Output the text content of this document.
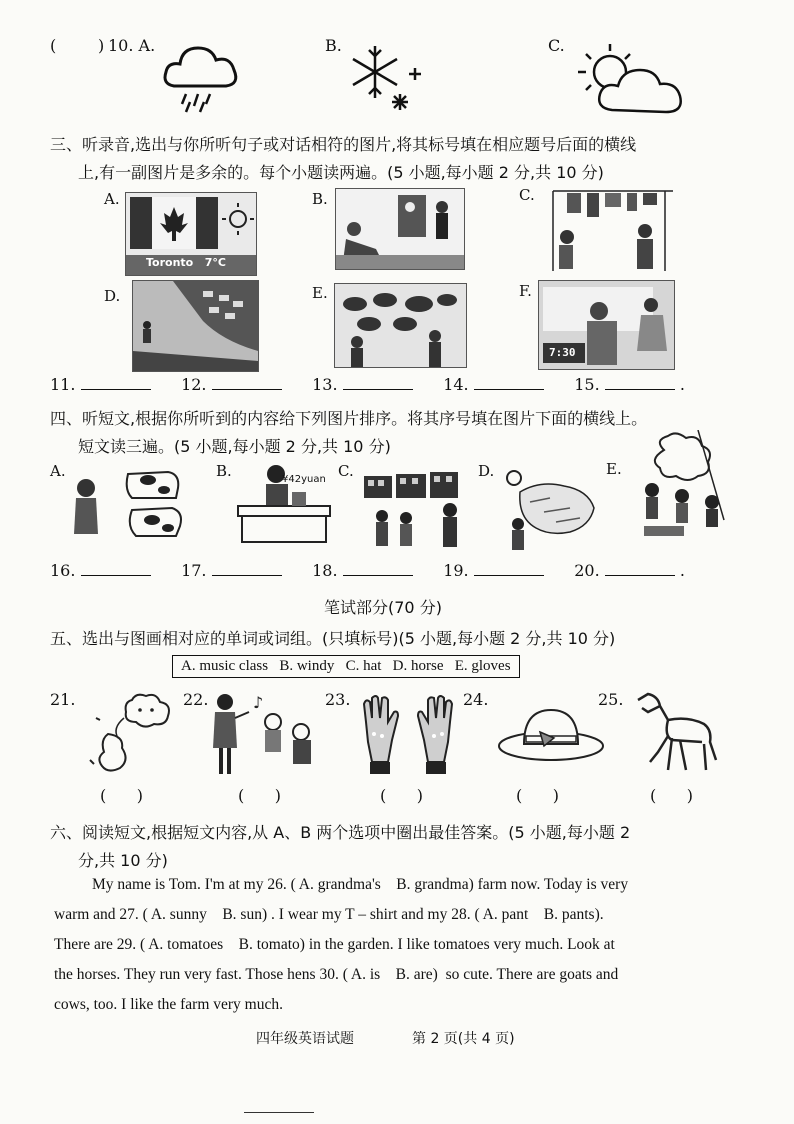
(	) 10. A.	B.	C.
三、听录音,选出与你所听句子或对话相符的图片,将其标号填在相应题号后面的横线
上,有一副图片是多余的。每个小题读两遍。(5 小题,每小题 2 分,共 10 分)
A.
Toronto   7°C
B.	C.
D.	E.	F.
7:30
11.	12.	13.	14.	15.	.
四、听短文,根据你所听到的内容给下列图片排序。将其序号填在图片下面的横线上。
短文读三遍。(5 小题,每小题 2 分,共 10 分)
A.	B.	¥42yuan C.	D.	E.
16.	17.	18.	19.	20.	.
笔试部分(70 分)
五、选出与图画相对应的单词或词组。(只填标号)(5 小题,每小题 2 分,共 10 分)
A. music class   B. windy   C. hat   D. horse   E. gloves
21.	22.	♪	23.	24.	25.
(      )	(      )	(      )	(      )	(      )
六、阅读短文,根据短文内容,从 A、B 两个选项中圈出最佳答案。(5 小题,每小题 2
分,共 10 分)
My name is Tom. I'm at my 26. ( A. grandma's    B. grandma) farm now. Today is very
warm and 27. ( A. sunny    B. sun) . I wear my T – shirt and my 28. ( A. pant    B. pants).
There are 29. ( A. tomatoes    B. tomato) in the garden. I like tomatoes very much. Look at
the horses. They run very fast. Those hens 30. ( A. is    B. are)  so cute. There are goats and
cows, too. I like the farm very much.
四年级英语试题	第 2 页(共 4 页)
